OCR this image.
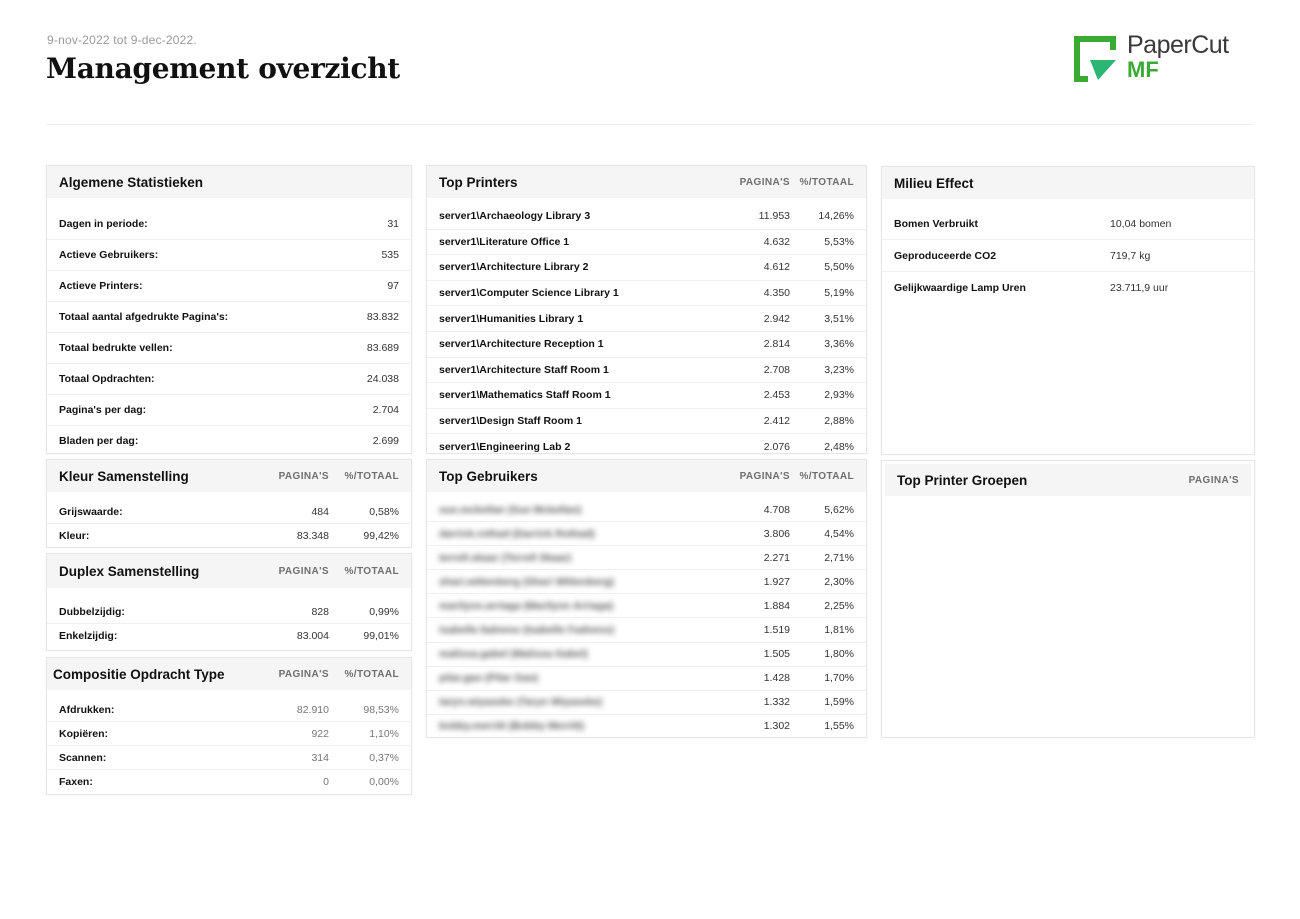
9-nov-2022 tot 9-dec-2022.
Management overzicht
PaperCut
MF
Algemene Statistieken
Dagen in periode:	31
Actieve Gebruikers:	535
Actieve Printers:	97
Totaal aantal afgedrukte Pagina's:	83.832
Totaal bedrukte vellen:	83.689
Totaal Opdrachten:	24.038
Pagina's per dag:	2.704
Bladen per dag:	2.699
Kleur Samenstelling	PAGINA'S	%/TOTAAL
Grijswaarde:	484	0,58%
Kleur:	83.348	99,42%
Duplex Samenstelling	PAGINA'S	%/TOTAAL
Dubbelzijdig:	828	0,99%
Enkelzijdig:	83.004	99,01%
Compositie Opdracht Type	PAGINA'S	%/TOTAAL
Afdrukken:	82.910	98,53%
Kopiëren:	922	1,10%
Scannen:	314	0,37%
Faxen:	0	0,00%
Top Printers	PAGINA'S %/TOTAAL
server1\Archaeology Library 3	11.953	14,26%
server1\Literature Office 1	4.632	5,53%
server1\Architecture Library 2	4.612	5,50%
server1\Computer Science Library 1	4.350	5,19%
server1\Humanities Library 1	2.942	3,51%
server1\Architecture Reception 1	2.814	3,36%
server1\Architecture Staff Room 1	2.708	3,23%
server1\Mathematics Staff Room 1	2.453	2,93%
server1\Design Staff Room 1	2.412	2,88%
server1\Engineering Lab 2	2.076	2,48%
Top Gebruikers	PAGINA'S %/TOTAAL
sue.mckellan (Sue Mckellan)	4.708	5,62%
darrick.rothad (Darrick Rothad)	3.806	4,54%
terrell.skaar (Terrell Skaar)	2.271	2,71%
shari.wittenberg (Shari Wittenberg)	1.927	2,30%
marilynn.arriaga (Marilynn Arriaga)	1.884	2,25%
isabelle.fadness (Isabelle Fadness)	1.519	1,81%
malissa.gabel (Malissa Gabel)	1.505	1,80%
pilar.gao (Pilar Gao)	1.428	1,70%
taryn.wiyaseke (Taryn Wiyaseke)	1.332	1,59%
bobby.merritt (Bobby Merritt)	1.302	1,55%
Milieu Effect
Bomen Verbruikt	10,04 bomen
Geproduceerde CO2	719,7 kg
Gelijkwaardige Lamp Uren	23.711,9 uur
Top Printer Groepen	PAGINA'S
